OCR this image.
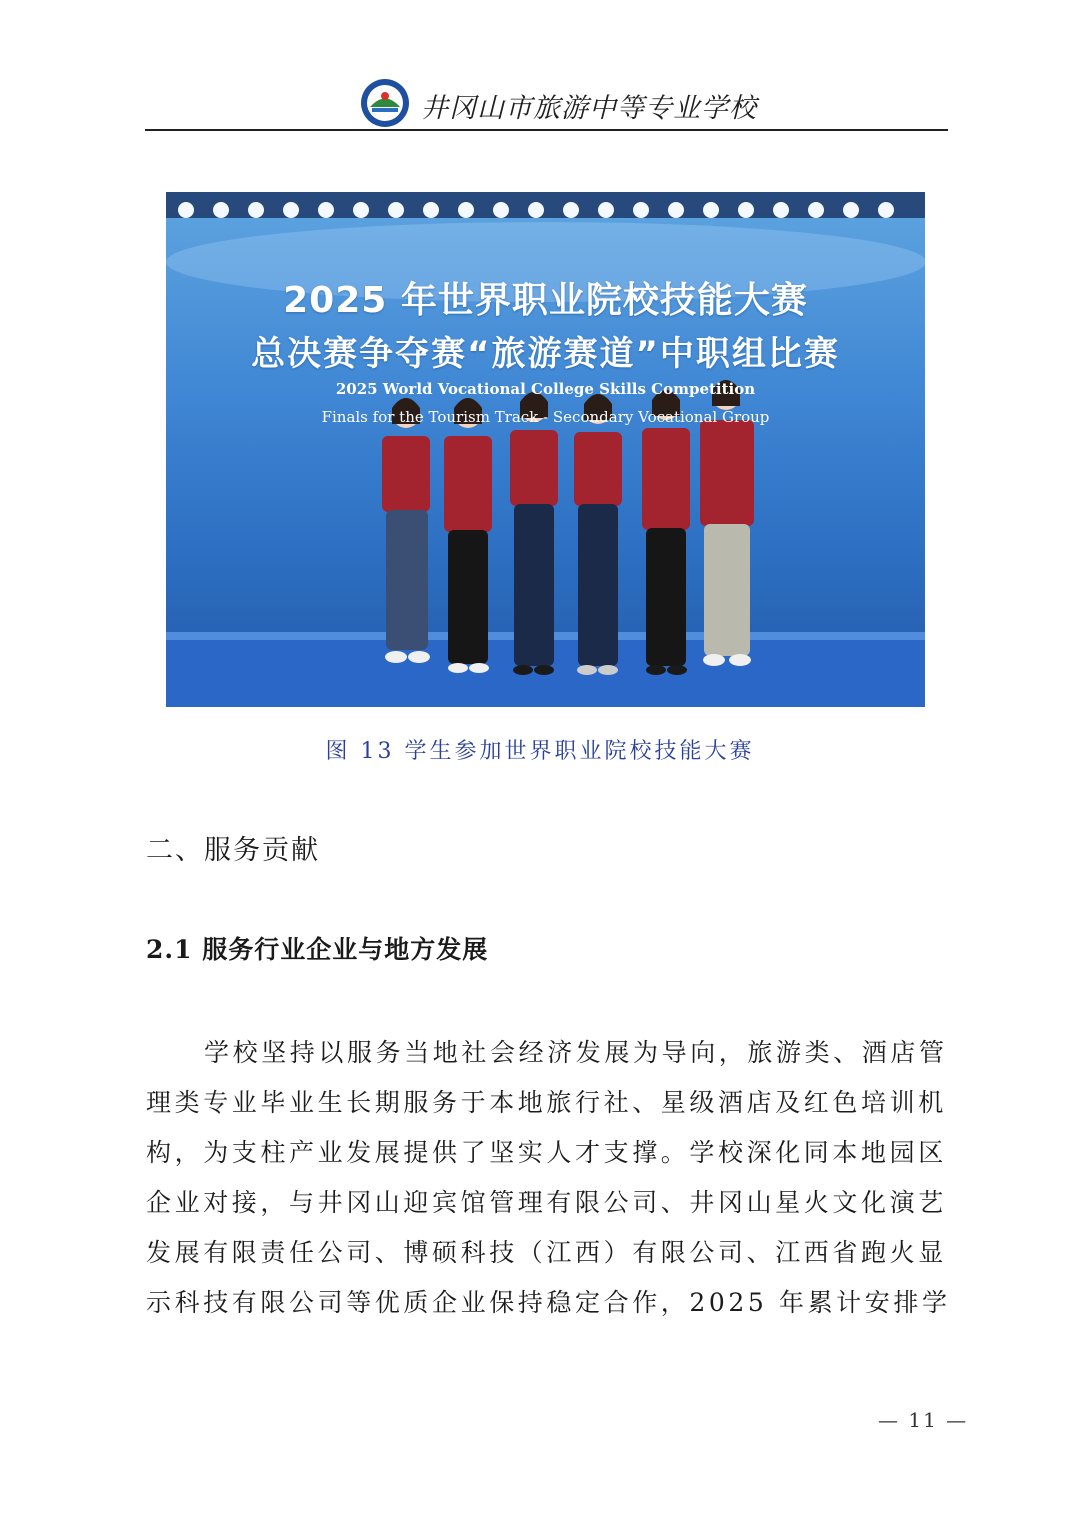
井冈山市旅游中等专业学校
2025 年世界职业院校技能大赛
总决赛争夺赛“旅游赛道”中职组比赛
2025 World Vocational College Skills Competition
Finals for the Tourism Track - Secondary Vocational Group
图 13 学生参加世界职业院校技能大赛
二、服务贡献
2.1 服务行业企业与地方发展
学校坚持以服务当地社会经济发展为导向，旅游类、酒店管
理类专业毕业生长期服务于本地旅行社、星级酒店及红色培训机
构，为支柱产业发展提供了坚实人才支撑。学校深化同本地园区
企业对接，与井冈山迎宾馆管理有限公司、井冈山星火文化演艺
发展有限责任公司、博硕科技（江西）有限公司、江西省跑火显
示科技有限公司等优质企业保持稳定合作，2025 年累计安排学
— 11 —
